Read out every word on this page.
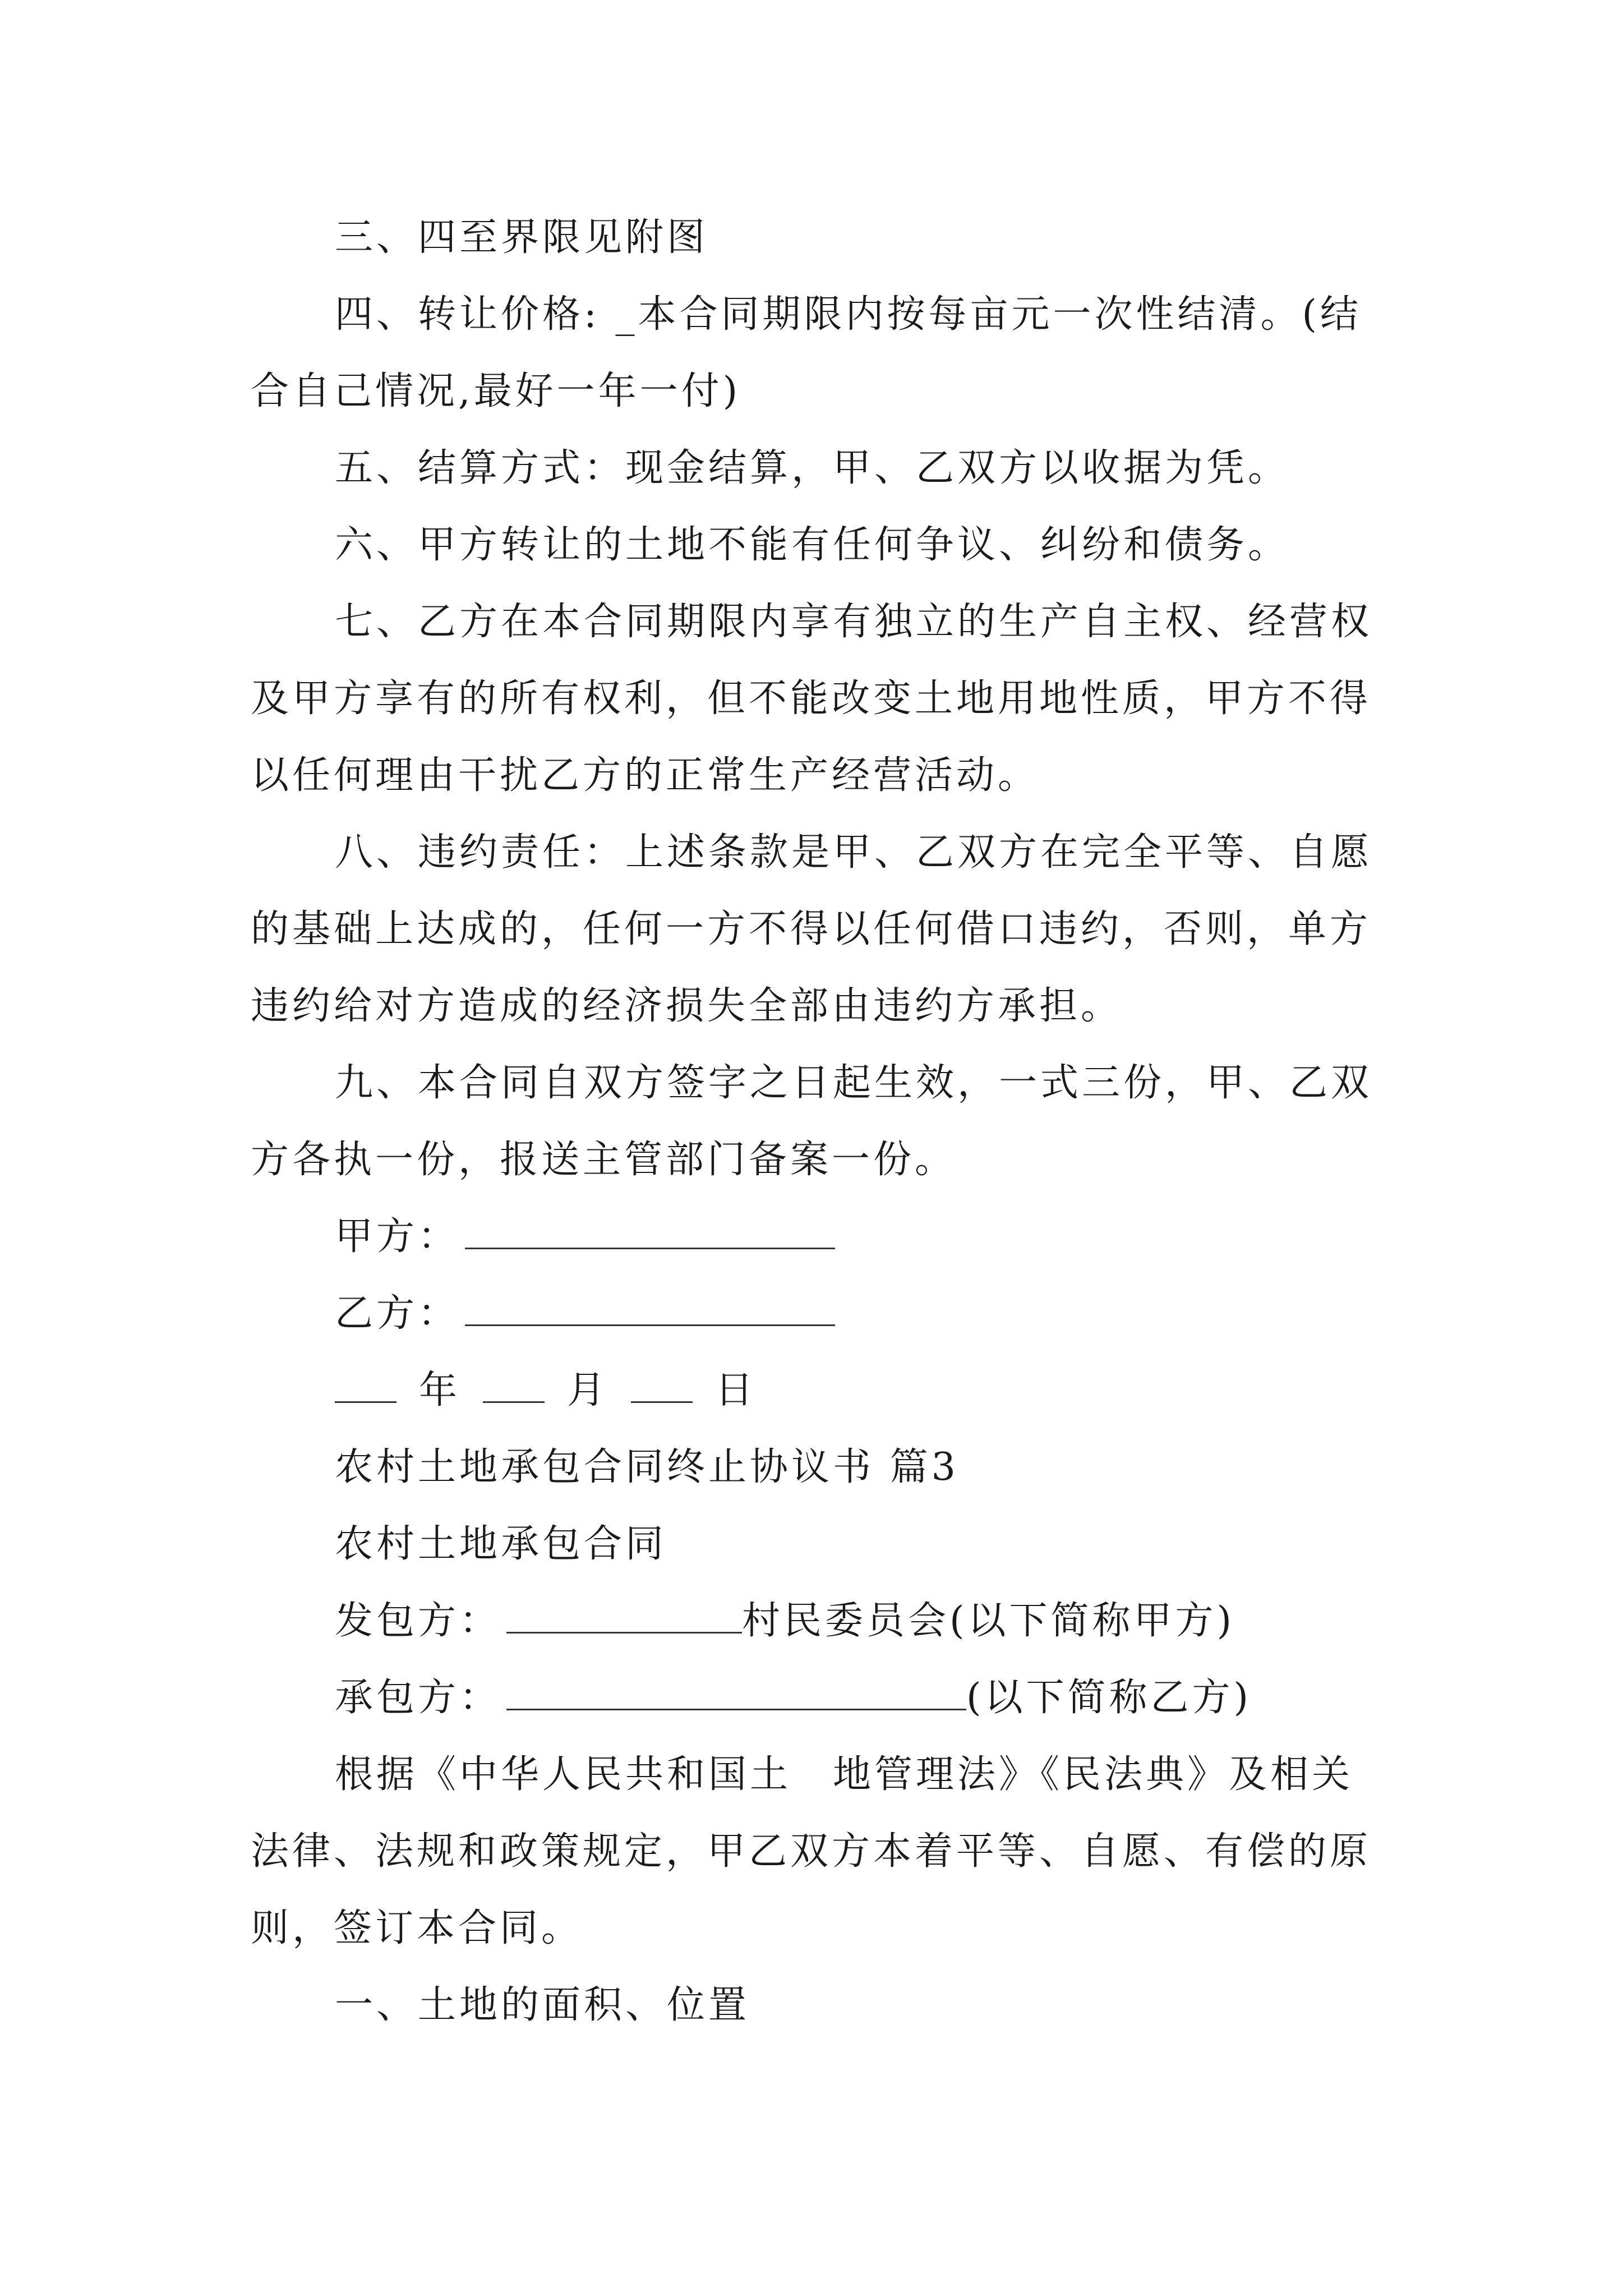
三、四至界限见附图

四、转让价格: _本合同期限内按每亩元一次性结清。(结合自己情况,最好一年一付)

五、结算方式：现金结算，甲、乙双方以收据为凭。

六、甲方转让的土地不能有任何争议、纠纷和债务。

七、乙方在本合同期限内享有独立的生产自主权、经营权及甲方享有的所有权利，但不能改变土地用地性质，甲方不得以任何理由干扰乙方的正常生产经营活动。

八、违约责任：上述条款是甲、乙双方在完全平等、自愿的基础上达成的，任何一方不得以任何借口违约，否则，单方违约给对方造成的经济损失全部由违约方承担。

九、本合同自双方签字之日起生效，一式三份，甲、乙双方各执一份，报送主管部门备案一份。

甲方：

乙方：

年	月	日

农村土地承包合同终止协议书 篇3

农村土地承包合同

发包方：	村民委员会(以下简称甲方)

承包方：	(以下简称乙方)

根据《中华人民共和国土　地管理法》《民法典》及相关法律、法规和政策规定，甲乙双方本着平等、自愿、有偿的原则，签订本合同。

一、土地的面积、位置
